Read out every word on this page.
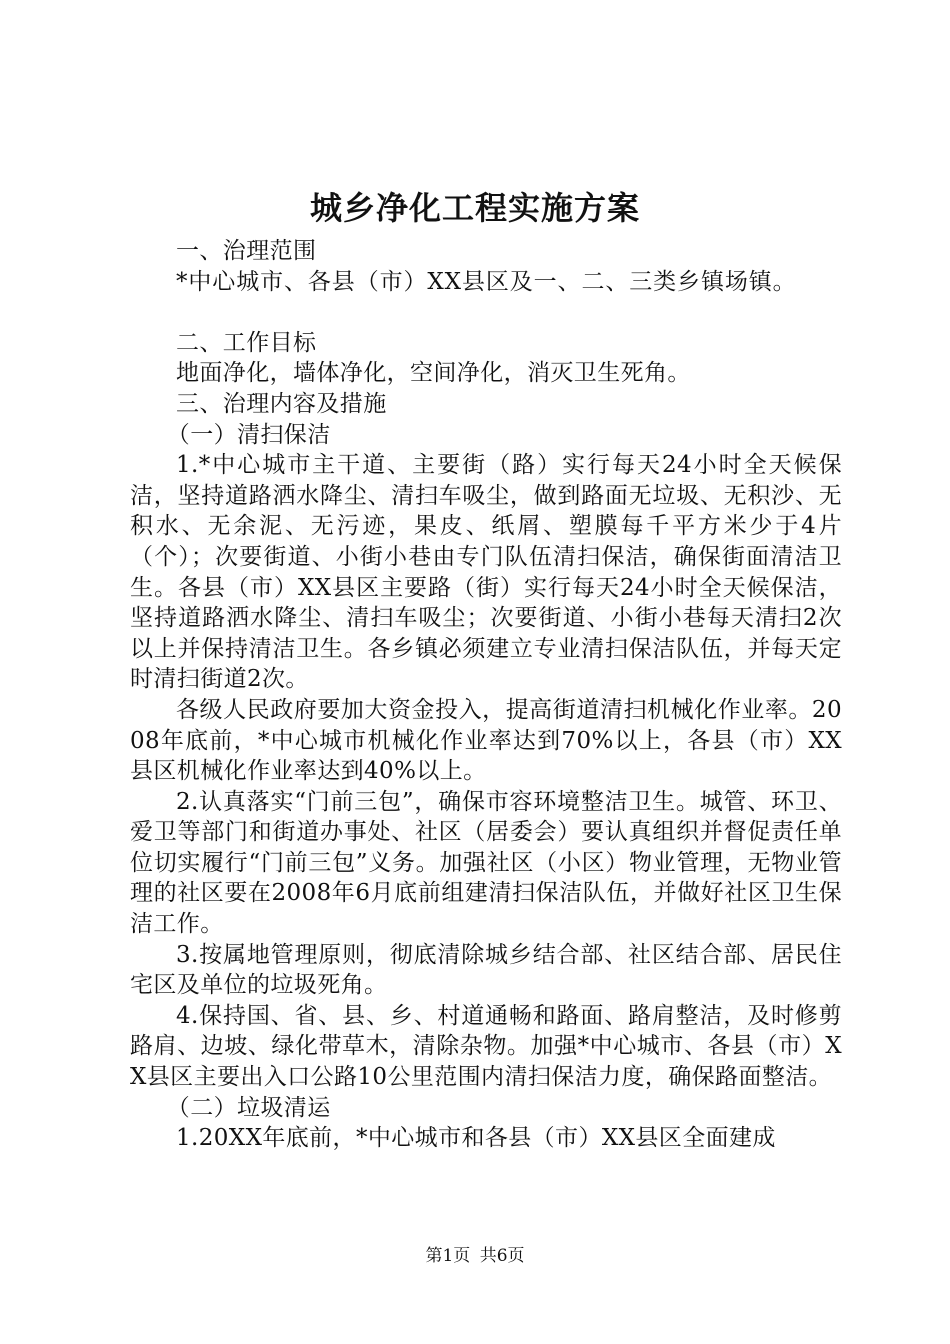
城乡净化工程实施方案

一、治理范围

*中心城市、各县（市）XX县区及一、二、三类乡镇场镇。

二、工作目标

地面净化，墙体净化，空间净化，消灭卫生死角。

三、治理内容及措施

（一）清扫保洁

1.*中心城市主干道、主要街（路）实行每天24小时全天候保洁，坚持道路洒水降尘、清扫车吸尘，做到路面无垃圾、无积沙、无积水、无余泥、无污迹，果皮、纸屑、塑膜每千平方米少于4片（个）；次要街道、小街小巷由专门队伍清扫保洁，确保街面清洁卫生。各县（市）XX县区主要路（街）实行每天24小时全天候保洁，坚持道路洒水降尘、清扫车吸尘；次要街道、小街小巷每天清扫2次以上并保持清洁卫生。各乡镇必须建立专业清扫保洁队伍，并每天定时清扫街道2次。

各级人民政府要加大资金投入，提高街道清扫机械化作业率。2008年底前，*中心城市机械化作业率达到70%以上，各县（市）XX县区机械化作业率达到40%以上。

2.认真落实“门前三包”，确保市容环境整洁卫生。城管、环卫、爱卫等部门和街道办事处、社区（居委会）要认真组织并督促责任单位切实履行“门前三包”义务。加强社区（小区）物业管理，无物业管理的社区要在2008年6月底前组建清扫保洁队伍，并做好社区卫生保洁工作。

3.按属地管理原则，彻底清除城乡结合部、社区结合部、居民住宅区及单位的垃圾死角。

4.保持国、省、县、乡、村道通畅和路面、路肩整洁，及时修剪路肩、边坡、绿化带草木，清除杂物。加强*中心城市、各县（市）XX县区主要出入口公路10公里范围内清扫保洁力度，确保路面整洁。

（二）垃圾清运

1.20XX年底前，*中心城市和各县（市）XX县区全面建成

第1页 共6页
